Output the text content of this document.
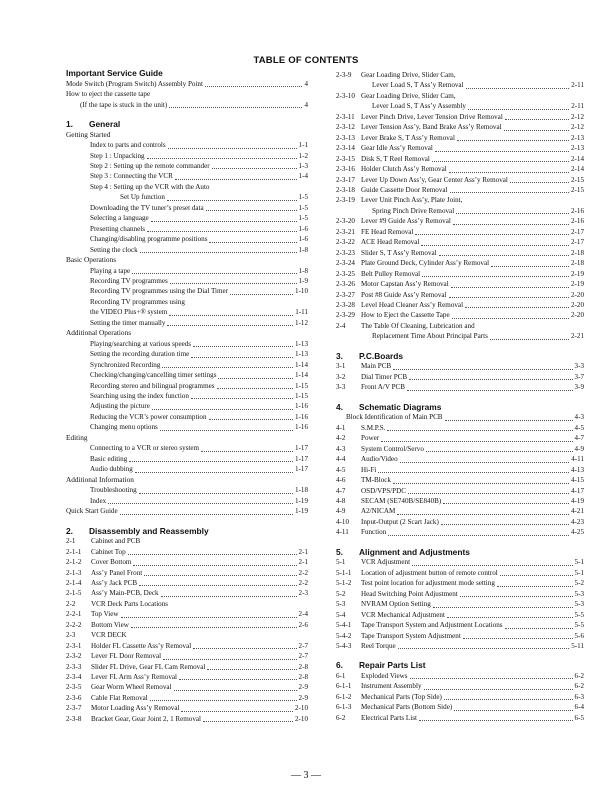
TABLE OF CONTENTS
Important Service Guide
Mode Switch (Program Switch) Assembly Point	4
How to eject the cassette tape
(If the tape is stuck in the unit)	4
1. General
Getting Started
Index to parts and controls	1-1
Step 1 : Unpacking	1-2
Step 2 : Setting up the remote commander	1-3
Step 3 : Connecting the VCR	1-4
Step 4 : Setting up the VCR with the Auto
Set Up function	1-5
Downloading the TV tuner’s preset data	1-5
Selecting a language	1-5
Presetting channels	1-6
Changing/disabling programme positions	1-6
Setting the clock	1-8
Basic Operations
Playing a tape	1-8
Recording TV programmes	1-9
Recording TV programmes using the Dial Timer	1-10
Recording TV programmes using
the VIDEO Plus+® system	1-11
Setting the timer manually	1-12
Additional Operations
Playing/searching at various speeds	1-13
Setting the recording duration time	1-13
Synchronized Recording	1-14
Checking/changing/cancelling timer settings	1-14
Recording stereo and bilingual programmes	1-15
Searching using the index function	1-15
Adjusting the picture	1-16
Reducing the VCR’s power consumption	1-16
Changing menu options	1-16
Editing
Connecting to a VCR or stereo system	1-17
Basic editing	1-17
Audio dubbing	1-17
Additional Information
Troubleshooting	1-18
Index	1-19
Quick Start Guide	1-19
2. Disassembly and Reassembly
2-1	Cabinet and PCB
2-1-1	Cabinet Top	2-1
2-1-2	Cover Bottom	2-1
2-1-3	Ass’y Panel Front	2-2
2-1-4	Ass’y Jack PCB	2-2
2-1-5	Ass’y Main-PCB, Deck	2-3
2-2	VCR Deck Parts Locations
2-2-1	Top View	2-4
2-2-2	Bottom View	2-6
2-3	VCR DECK
2-3-1	Holder FL Cassette Ass’y Removal	2-7
2-3-2	Lever FL Door Removal	2-7
2-3-3	Slider FL Drive, Gear FL Cam Removal	2-8
2-3-4	Lever FL Arm Ass’y Removal	2-8
2-3-5	Gear Worm Wheel Removal	2-9
2-3-6	Cable Flat Removal	2-9
2-3-7	Motor Loading Ass’y Removal	2-10
2-3-8	Bracket Gear, Gear Joint 2, 1 Removal	2-10
2-3-9 Gear Loading Drive, Slider Cam,
Lever Load S, T Ass’y Removal	2-11
2-3-10 Gear Loading Drive, Slider Cam,
Lever Load S, T Ass’y Assembly	2-11
2-3-11 Lever Pinch Drive, Lever Tension Drive Removal	2-12
2-3-12 Lever Tension Ass’y, Band Brake Ass’y Removal	2-12
2-3-13 Lever Brake S, T Ass’y Removal	2-13
2-3-14 Gear Idle Ass’y Removal	2-13
2-3-15 Disk S, T Reel Removal	2-14
2-3-16 Holder Clutch Ass’y Removal	2-14
2-3-17 Lever Up Down Ass’y, Gear Center Ass’y Removal	2-15
2-3-18 Guide Cassette Door Removal	2-15
2-3-19 Lever Unit Pinch Ass’y, Plate Joint,
Spring Pinch Drive Removal	2-16
2-3-20 Lever #9 Guide Ass’y Removal	2-16
2-3-21 FE Head Removal	2-17
2-3-22 ACE Head Removal	2-17
2-3-23 Slider S, T Ass’y Removal	2-18
2-3-24 Plate Ground Deck, Cylinder Ass’y Removal	2-18
2-3-25 Belt Pulley Removal	2-19
2-3-26 Motor Capstan Ass’y Removal	2-19
2-3-27 Post #8 Guide Ass’y Removal	2-20
2-3-28 Level Head Cleaner Ass’y Removal	2-20
2-3-29 How to Eject the Cassette Tape	2-20
2-4 The Table Of Cleaning, Lubrication and
Replacement Time About Principal Parts	2-21
3. P.C.Boards
3-1	Main PCB	3-3
3-2	Dial Timer PCB	3-7
3-3	Front A/V PCB	3-9
4. Schematic Diagrams
Block Identification of Main PCB	4-3
4-1	S.M.P.S.	4-5
4-2	Power	4-7
4-3	System Control/Servo	4-9
4-4	Audio/Video	4-11
4-5	Hi-Fi	4-13
4-6	TM-Block	4-15
4-7	OSD/VPS/PDC	4-17
4-8	SECAM (SE740B/SE840B)	4-19
4-9	A2/NICAM	4-21
4-10	Input-Output (2 Scart Jack)	4-23
4-11	Function	4-25
5. Alignment and Adjustments
5-1	VCR Adjustment	5-1
5-1-1	Location of adjustment button of remote control	5-1
5-1-2	Test point location for adjustment mode setting	5-2
5-2	Head Switching Point Adjustment	5-3
5-3	NVRAM Option Setting	5-3
5-4	VCR Mechanical Adjustment	5-5
5-4-1	Tape Transport System and Adjustment Locations	5-5
5-4-2	Tape Transport System Adjustment	5-6
5-4-3	Reel Torque	5-11
6. Repair Parts List
6-1	Exploded Views	6-2
6-1-1	Instrument Assembly	6-2
6-1-2	Mechanical Parts (Top Side)	6-3
6-1-3	Mechanical Parts (Bottom Side)	6-4
6-2	Electrical Parts List	6-5
— 3 —
